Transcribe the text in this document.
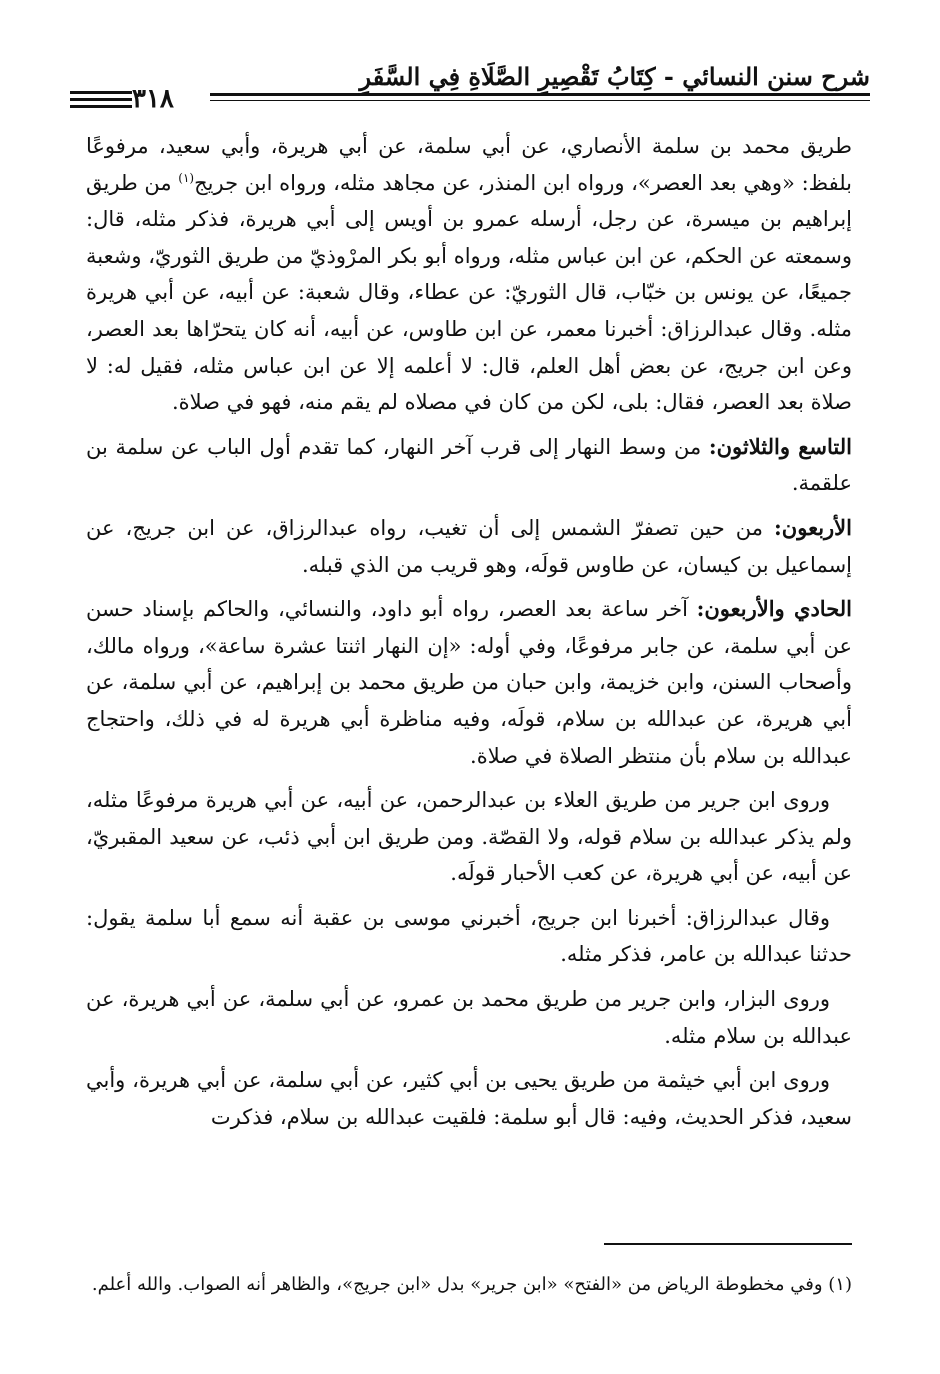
شرح سنن النسائي - كِتَابُ تَقْصِيرِ الصَّلَاةِ فِي السَّفَرِ
٣١٨

طريق محمد بن سلمة الأنصاري، عن أبي سلمة، عن أبي هريرة، وأبي سعيد، مرفوعًا بلفظ: «وهي بعد العصر»، ورواه ابن المنذر، عن مجاهد مثله، ورواه ابن جريج$^{(١)}$ من طريق إبراهيم بن ميسرة، عن رجل، أرسله عمرو بن أويس إلى أبي هريرة، فذكر مثله، قال: وسمعته عن الحكم، عن ابن عباس مثله، ورواه أبو بكر المرْوذيّ من طريق الثوريّ، وشعبة جميعًا، عن يونس بن خبّاب، قال الثوريّ: عن عطاء، وقال شعبة: عن أبيه، عن أبي هريرة مثله. وقال عبدالرزاق: أخبرنا معمر، عن ابن طاوس، عن أبيه، أنه كان يتحرّاها بعد العصر، وعن ابن جريج، عن بعض أهل العلم، قال: لا أعلمه إلا عن ابن عباس مثله، فقيل له: لا صلاة بعد العصر، فقال: بلى، لكن من كان في مصلاه لم يقم منه، فهو في صلاة.

التاسع والثلاثون: من وسط النهار إلى قرب آخر النهار، كما تقدم أول الباب عن سلمة بن علقمة.

الأربعون: من حين تصفرّ الشمس إلى أن تغيب، رواه عبدالرزاق، عن ابن جريج، عن إسماعيل بن كيسان، عن طاوس قولَه، وهو قريب من الذي قبله.

الحادي والأربعون: آخر ساعة بعد العصر، رواه أبو داود، والنسائي، والحاكم بإسناد حسن عن أبي سلمة، عن جابر مرفوعًا، وفي أوله: «إن النهار اثنتا عشرة ساعة»، ورواه مالك، وأصحاب السنن، وابن خزيمة، وابن حبان من طريق محمد بن إبراهيم، عن أبي سلمة، عن أبي هريرة، عن عبدالله بن سلام، قولَه، وفيه مناظرة أبي هريرة له في ذلك، واحتجاج عبدالله بن سلام بأن منتظر الصلاة في صلاة.

وروى ابن جرير من طريق العلاء بن عبدالرحمن، عن أبيه، عن أبي هريرة مرفوعًا مثله، ولم يذكر عبدالله بن سلام قوله، ولا القصّة. ومن طريق ابن أبي ذئب، عن سعيد المقبريّ، عن أبيه، عن أبي هريرة، عن كعب الأحبار قولَه.

وقال عبدالرزاق: أخبرنا ابن جريج، أخبرني موسى بن عقبة أنه سمع أبا سلمة يقول: حدثنا عبدالله بن عامر، فذكر مثله.

وروى البزار، وابن جرير من طريق محمد بن عمرو، عن أبي سلمة، عن أبي هريرة، عن عبدالله بن سلام مثله.

وروى ابن أبي خيثمة من طريق يحيى بن أبي كثير، عن أبي سلمة، عن أبي هريرة، وأبي سعيد، فذكر الحديث، وفيه: قال أبو سلمة: فلقيت عبدالله بن سلام، فذكرت

(١) وفي مخطوطة الرياض من «الفتح» «ابن جرير» بدل «ابن جريج»، والظاهر أنه الصواب. والله أعلم.
